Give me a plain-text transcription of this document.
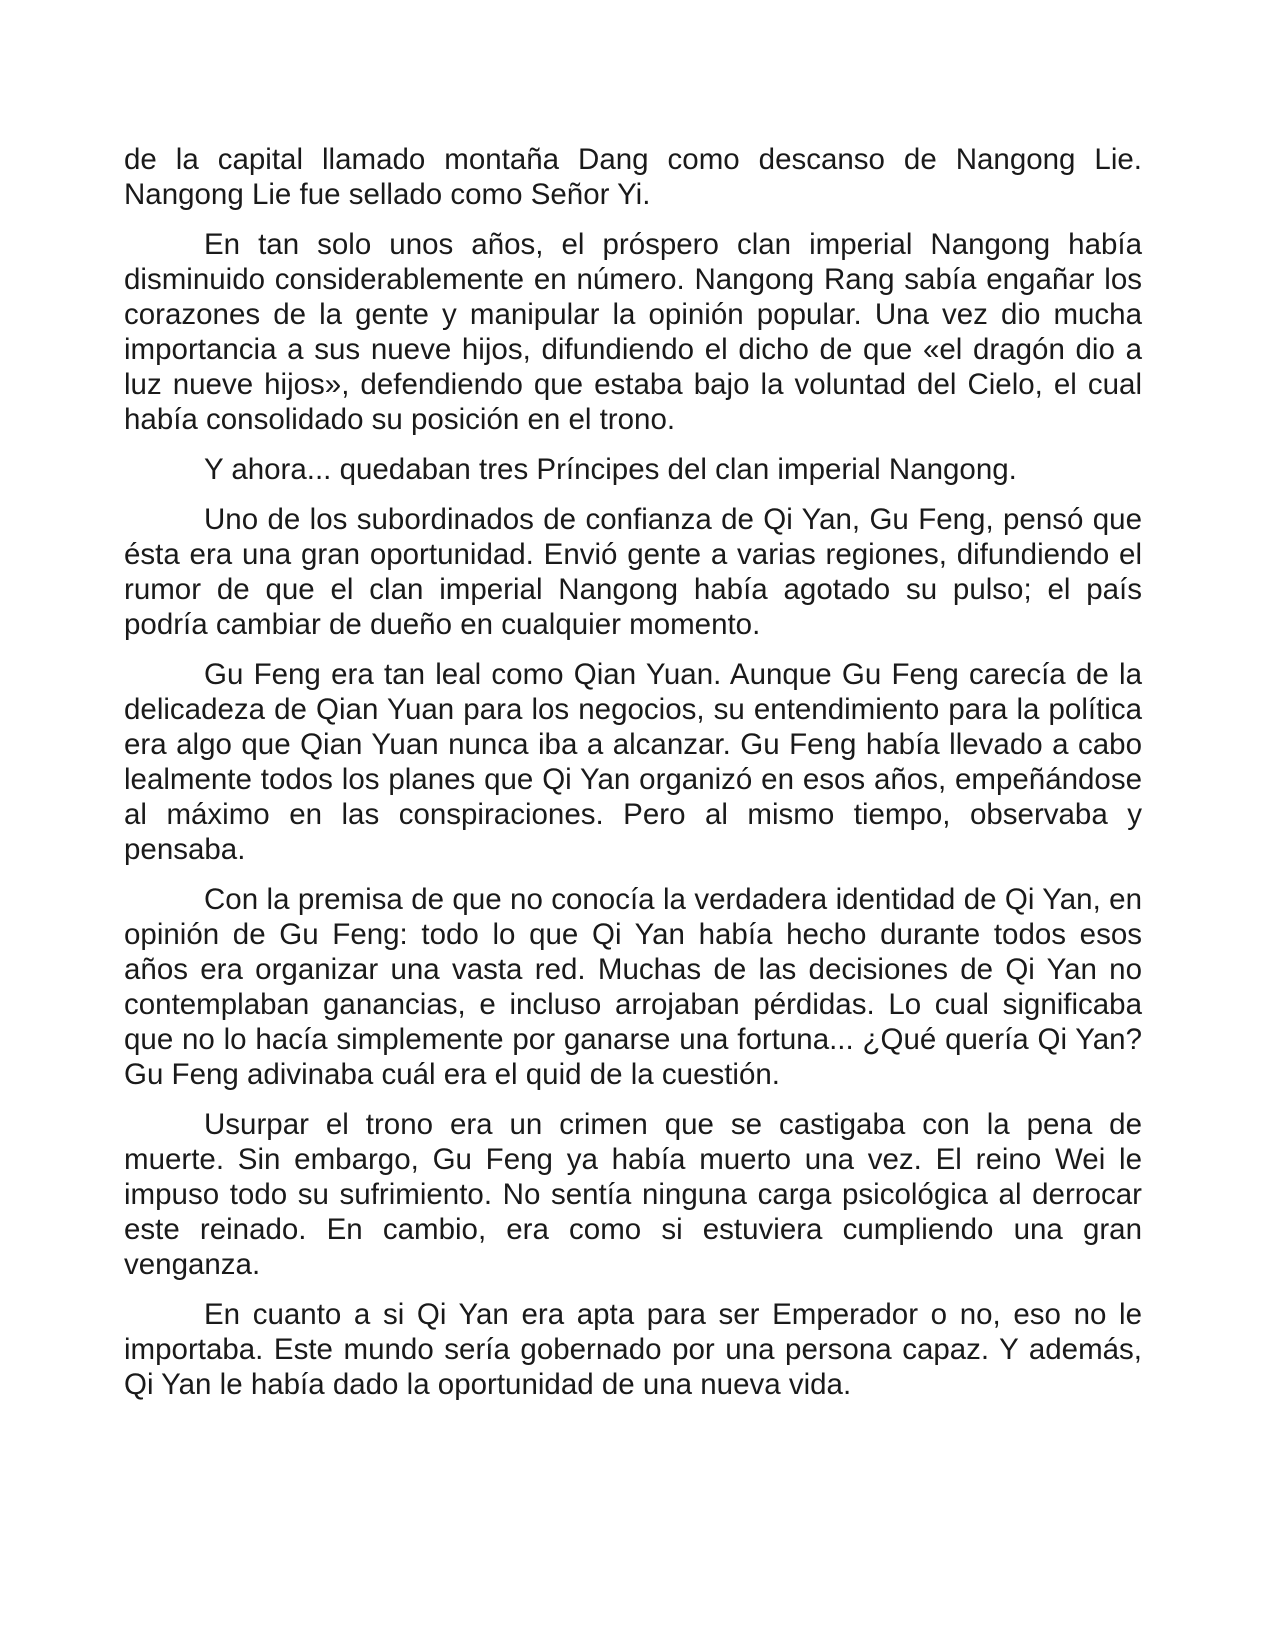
de la capital llamado montaña Dang como descanso de Nangong Lie. Nangong Lie fue sellado como Señor Yi.

En tan solo unos años, el próspero clan imperial Nangong había disminuido considerablemente en número. Nangong Rang sabía engañar los corazones de la gente y manipular la opinión popular. Una vez dio mucha importancia a sus nueve hijos, difundiendo el dicho de que «el dragón dio a luz nueve hijos», defendiendo que estaba bajo la voluntad del Cielo, el cual había consolidado su posición en el trono.

Y ahora... quedaban tres Príncipes del clan imperial Nangong.

Uno de los subordinados de confianza de Qi Yan, Gu Feng, pensó que ésta era una gran oportunidad. Envió gente a varias regiones, difundiendo el rumor de que el clan imperial Nangong había agotado su pulso; el país podría cambiar de dueño en cualquier momento.

Gu Feng era tan leal como Qian Yuan. Aunque Gu Feng carecía de la delicadeza de Qian Yuan para los negocios, su entendimiento para la política era algo que Qian Yuan nunca iba a alcanzar. Gu Feng había llevado a cabo lealmente todos los planes que Qi Yan organizó en esos años, empeñándose al máximo en las conspiraciones. Pero al mismo tiempo, observaba y pensaba.

Con la premisa de que no conocía la verdadera identidad de Qi Yan, en opinión de Gu Feng: todo lo que Qi Yan había hecho durante todos esos años era organizar una vasta red. Muchas de las decisiones de Qi Yan no contemplaban ganancias, e incluso arrojaban pérdidas. Lo cual significaba que no lo hacía simplemente por ganarse una fortuna... ¿Qué quería Qi Yan? Gu Feng adivinaba cuál era el quid de la cuestión.

Usurpar el trono era un crimen que se castigaba con la pena de muerte. Sin embargo, Gu Feng ya había muerto una vez. El reino Wei le impuso todo su sufrimiento. No sentía ninguna carga psicológica al derrocar este reinado. En cambio, era como si estuviera cumpliendo una gran venganza.

En cuanto a si Qi Yan era apta para ser Emperador o no, eso no le importaba. Este mundo sería gobernado por una persona capaz. Y además, Qi Yan le había dado la oportunidad de una nueva vida.
